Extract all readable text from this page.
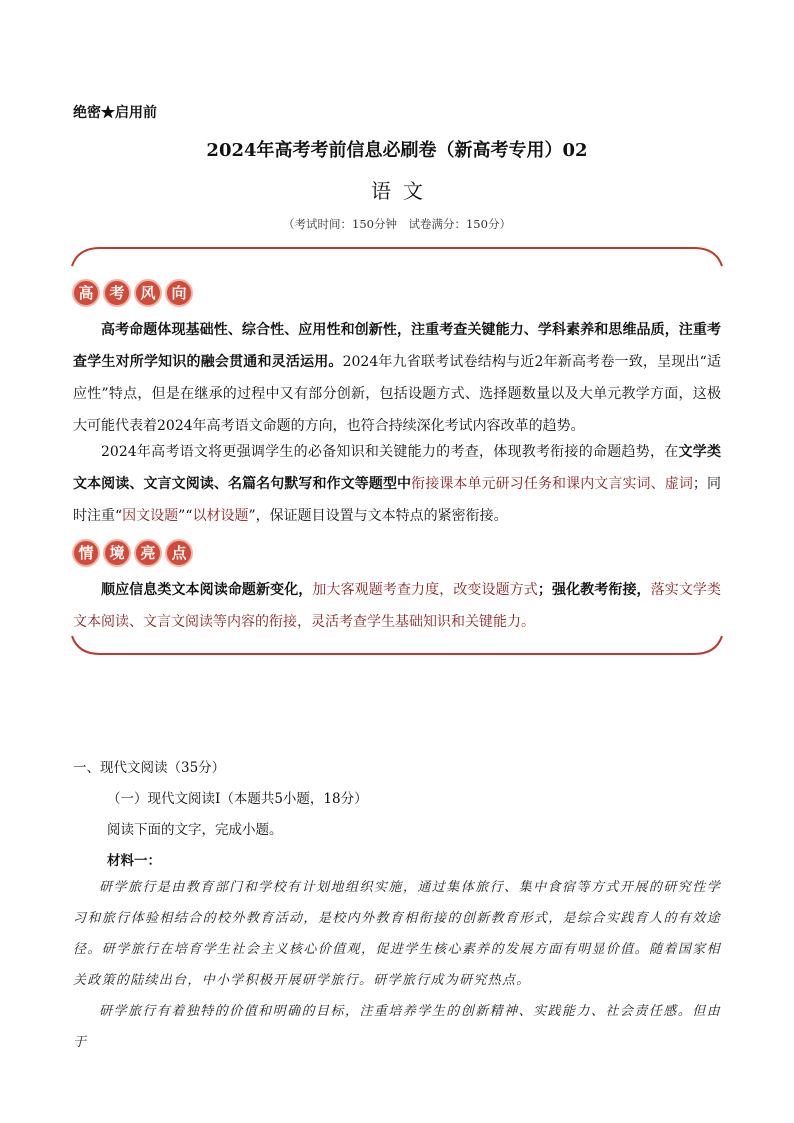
绝密★启用前
2024年高考考前信息必刷卷（新高考专用）02
语文
（考试时间：150分钟　试卷满分：150分）
高	考	风	向
高考命题体现基础性、综合性、应用性和创新性，注重考查关键能力、学科素养和思维品质，注重考查学生对所学知识的融会贯通和灵活运用。2024年九省联考试卷结构与近2年新高考卷一致，呈现出“适应性”特点，但是在继承的过程中又有部分创新，包括设题方式、选择题数量以及大单元教学方面，这极大可能代表着2024年高考语文命题的方向，也符合持续深化考试内容改革的趋势。
2024年高考语文将更强调学生的必备知识和关键能力的考查，体现教考衔接的命题趋势，在文学类文本阅读、文言文阅读、名篇名句默写和作文等题型中衔接课本单元研习任务和课内文言实词、虚词；同时注重“因文设题”“以材设题”，保证题目设置与文本特点的紧密衔接。
情	境	亮	点
顺应信息类文本阅读命题新变化，加大客观题考查力度，改变设题方式；强化教考衔接，落实文学类文本阅读、文言文阅读等内容的衔接，灵活考查学生基础知识和关键能力。
一、现代文阅读（35分）
（一）现代文阅读Ⅰ（本题共5小题，18分）
阅读下面的文字，完成小题。
材料一：
研学旅行是由教育部门和学校有计划地组织实施，通过集体旅行、集中食宿等方式开展的研究性学习和旅行体验相结合的校外教育活动，是校内外教育相衔接的创新教育形式，是综合实践育人的有效途径。研学旅行在培育学生社会主义核心价值观，促进学生核心素养的发展方面有明显价值。随着国家相关政策的陆续出台，中小学积极开展研学旅行。研学旅行成为研究热点。
研学旅行有着独特的价值和明确的目标，注重培养学生的创新精神、实践能力、社会责任感。但由于
